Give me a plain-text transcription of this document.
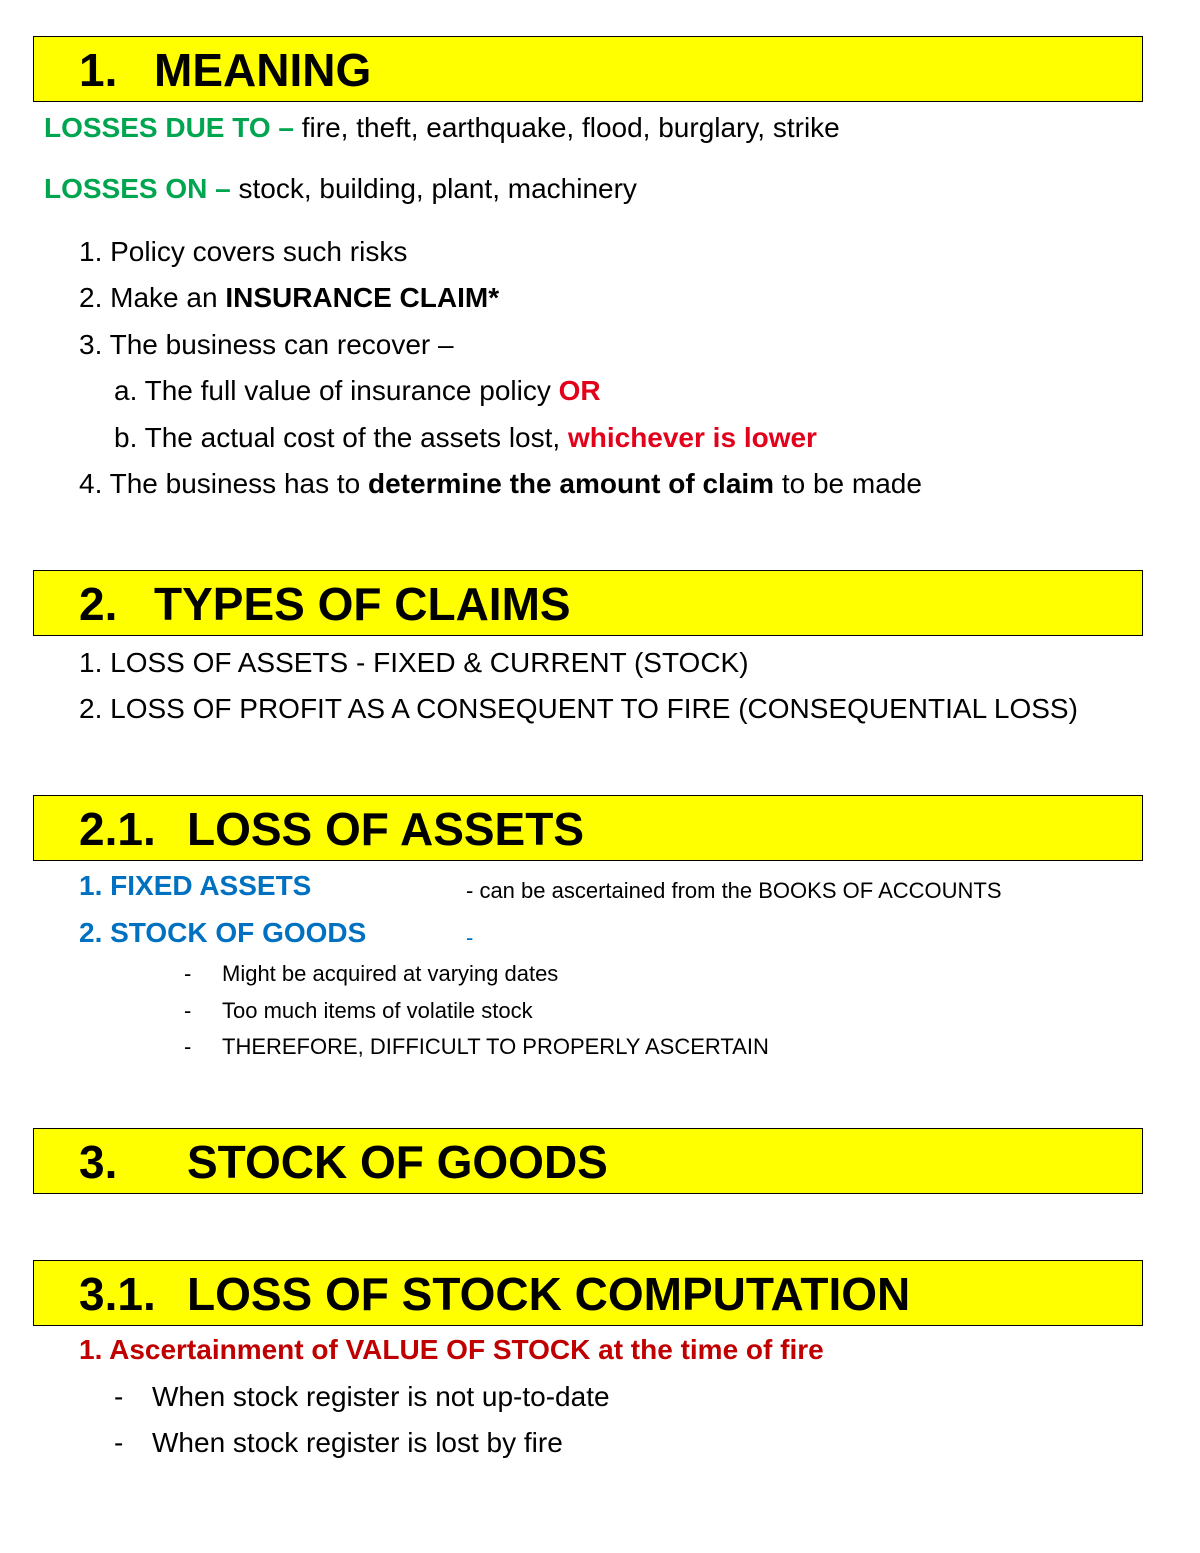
1. MEANING
LOSSES DUE TO – fire, theft, earthquake, flood, burglary, strike
LOSSES ON – stock, building, plant, machinery
1. Policy covers such risks
2. Make an INSURANCE CLAIM*
3. The business can recover –
a. The full value of insurance policy OR
b. The actual cost of the assets lost, whichever is lower
4. The business has to determine the amount of claim to be made
2. TYPES OF CLAIMS
1. LOSS OF ASSETS - FIXED & CURRENT (STOCK)
2. LOSS OF PROFIT AS A CONSEQUENT TO FIRE (CONSEQUENTIAL LOSS)
2.1. LOSS OF ASSETS
1. FIXED ASSETS	- can be ascertained from the BOOKS OF ACCOUNTS
2. STOCK OF GOODS	-
- Might be acquired at varying dates
- Too much items of volatile stock
- THEREFORE, DIFFICULT TO PROPERLY ASCERTAIN
3. STOCK OF GOODS
3.1. LOSS OF STOCK COMPUTATION
1. Ascertainment of VALUE OF STOCK at the time of fire
- When stock register is not up-to-date
- When stock register is lost by fire
